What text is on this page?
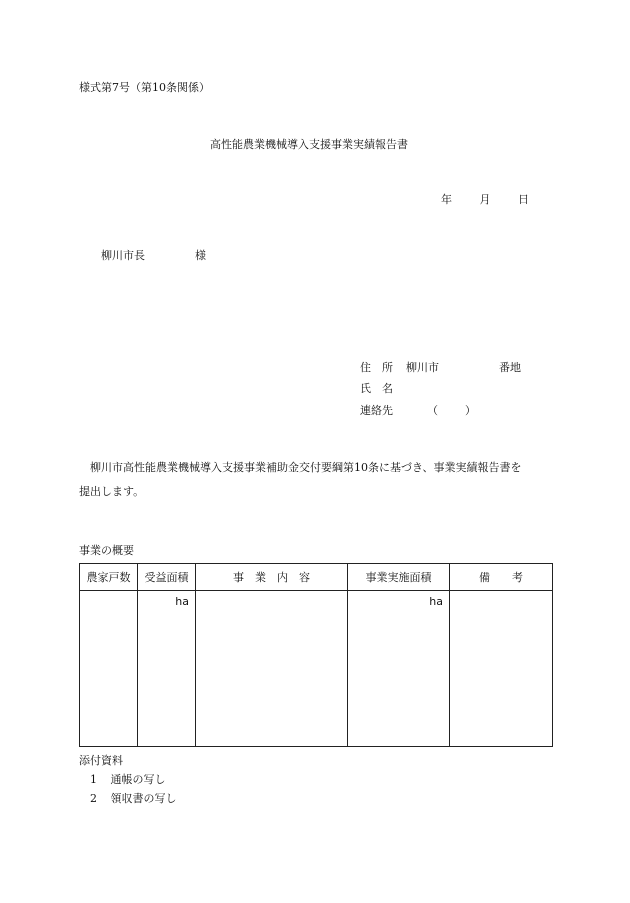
様式第7号（第10条関係）
高性能農業機械導入支援事業実績報告書
年	月	日
柳川市長	様
住　所 柳川市	番地
氏　名
連絡先	（ ）
柳川市高性能農業機械導入支援事業補助金交付要綱第10条に基づき、事業実績報告書を
提出します。
事業の概要
農家戸数	受益面積	事　業　内　容	事業実施面積	備　　考

	ha		ha	

添付資料
1 通帳の写し
2 領収書の写し
